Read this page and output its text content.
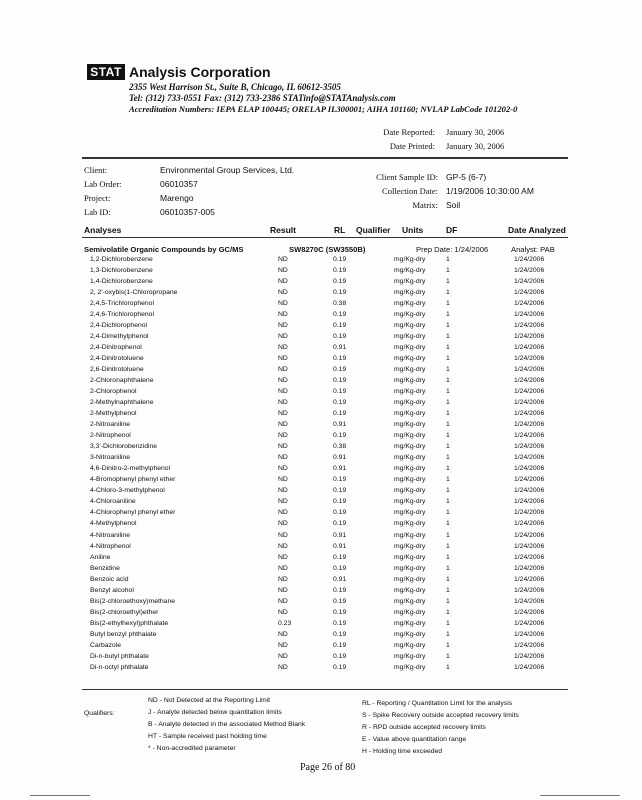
STAT Analysis Corporation
2355 West Harrison St., Suite B, Chicago, IL 60612-3505
Tel: (312) 733-0551 Fax: (312) 733-2386 STATinfo@STATAnalysis.com
Accreditation Numbers: IEPA ELAP 100445; ORELAP IL300001; AIHA 101160; NVLAP LabCode 101202-0
Date Reported: January 30, 2006
Date Printed: January 30, 2006
Client:	Environmental Group Services, Ltd.
Lab Order:	06010357
Project:	Marengo
Lab ID:	06010357-005
Client Sample ID: GP-5 (6-7)
Collection Date: 1/19/2006 10:30:00 AM
Matrix: Soil
Analyses	Result	RL Qualifier Units	DF	Date Analyzed
Semivolatile Organic Compounds by GC/MS	SW8270C (SW3550B)	Prep Date: 1/24/2006	Analyst: PAB
1,2-Dichlorobenzene	ND	0.19	mg/Kg-dry	1	1/24/2006
1,3-Dichlorobenzene	ND	0.19	mg/Kg-dry	1	1/24/2006
1,4-Dichlorobenzene	ND	0.19	mg/Kg-dry	1	1/24/2006
2, 2'-oxybis(1-Chloropropane	ND	0.19	mg/Kg-dry	1	1/24/2006
2,4,5-Trichlorophenol	ND	0.38	mg/Kg-dry	1	1/24/2006
2,4,6-Trichlorophenol	ND	0.19	mg/Kg-dry	1	1/24/2006
2,4-Dichlorophenol	ND	0.19	mg/Kg-dry	1	1/24/2006
2,4-Dimethylphenol	ND	0.19	mg/Kg-dry	1	1/24/2006
2,4-Dinitrophenol	ND	0.91	mg/Kg-dry	1	1/24/2006
2,4-Dinitrotoluene	ND	0.19	mg/Kg-dry	1	1/24/2006
2,6-Dinitrotoluene	ND	0.19	mg/Kg-dry	1	1/24/2006
2-Chloronaphthalene	ND	0.19	mg/Kg-dry	1	1/24/2006
2-Chlorophenol	ND	0.19	mg/Kg-dry	1	1/24/2006
2-Methylnaphthalene	ND	0.19	mg/Kg-dry	1	1/24/2006
2-Methylphenol	ND	0.19	mg/Kg-dry	1	1/24/2006
2-Nitroaniline	ND	0.91	mg/Kg-dry	1	1/24/2006
2-Nitrophenol	ND	0.19	mg/Kg-dry	1	1/24/2006
3,3'-Dichlorobenzidine	ND	0.38	mg/Kg-dry	1	1/24/2006
3-Nitroaniline	ND	0.91	mg/Kg-dry	1	1/24/2006
4,6-Dinitro-2-methylphenol	ND	0.91	mg/Kg-dry	1	1/24/2006
4-Bromophenyl phenyl ether	ND	0.19	mg/Kg-dry	1	1/24/2006
4-Chloro-3-methylphenol	ND	0.19	mg/Kg-dry	1	1/24/2006
4-Chloroaniline	ND	0.19	mg/Kg-dry	1	1/24/2006
4-Chlorophenyl phenyl ether	ND	0.19	mg/Kg-dry	1	1/24/2006
4-Methylphenol	ND	0.19	mg/Kg-dry	1	1/24/2006
4-Nitroaniline	ND	0.91	mg/Kg-dry	1	1/24/2006
4-Nitrophenol	ND	0.91	mg/Kg-dry	1	1/24/2006
Aniline	ND	0.19	mg/Kg-dry	1	1/24/2006
Benzidine	ND	0.19	mg/Kg-dry	1	1/24/2006
Benzoic acid	ND	0.91	mg/Kg-dry	1	1/24/2006
Benzyl alcohol	ND	0.19	mg/Kg-dry	1	1/24/2006
Bis(2-chloroethoxy)methane	ND	0.19	mg/Kg-dry	1	1/24/2006
Bis(2-chloroethyl)ether	ND	0.19	mg/Kg-dry	1	1/24/2006
Bis(2-ethylhexyl)phthalate	0.23	0.19	mg/Kg-dry	1	1/24/2006
Butyl benzyl phthalate	ND	0.19	mg/Kg-dry	1	1/24/2006
Carbazole	ND	0.19	mg/Kg-dry	1	1/24/2006
Di-n-butyl phthalate	ND	0.19	mg/Kg-dry	1	1/24/2006
Di-n-octyl phthalate	ND	0.19	mg/Kg-dry	1	1/24/2006
Qualifiers:
ND - Not Detected at the Reporting Limit
J - Analyte detected below quantitation limits
B - Analyte detected in the associated Method Blank
HT - Sample received past holding time
* - Non-accredited parameter
RL - Reporting / Quantitation Limit for the analysis
S - Spike Recovery outside accepted recovery limits
R - RPD outside accepted recovery limits
E - Value above quantitation range
H - Holding time exceeded
Page 26 of 80
